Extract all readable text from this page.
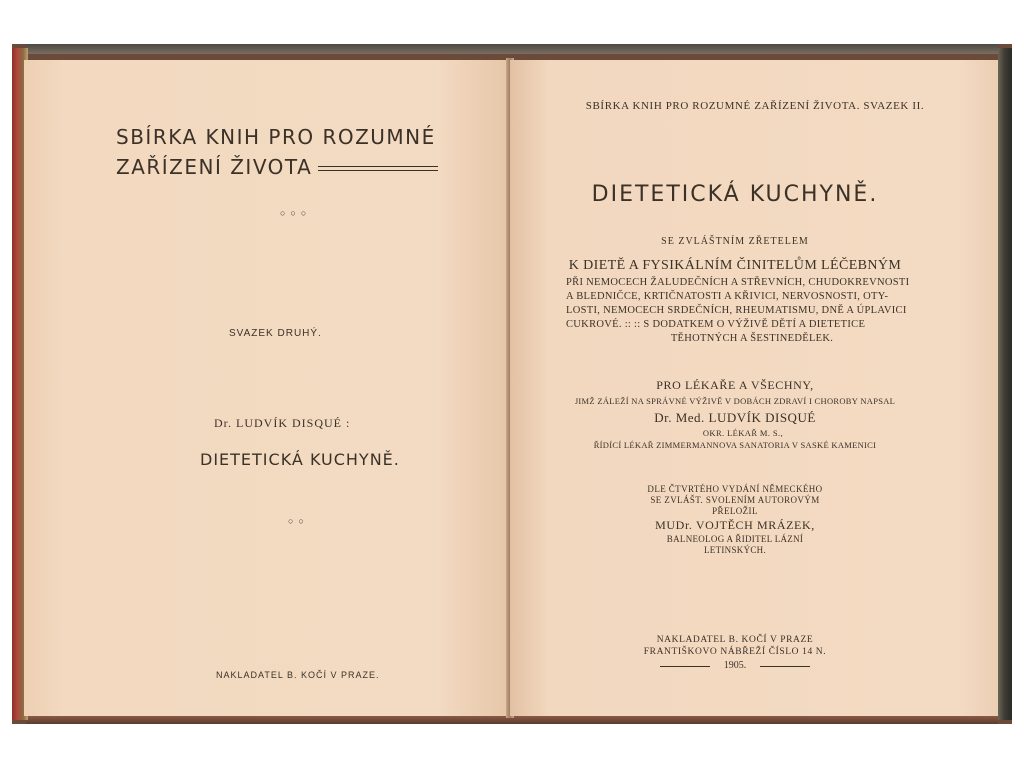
SBÍRKA KNIH PRO ROZUMNÉ
ZAŘÍZENÍ ŽIVOTA
○○○
SVAZEK DRUHÝ.
Dr. LUDVÍK DISQUÉ :
DIETETICKÁ KUCHYNĚ.
○○
NAKLADATEL B. KOČÍ V PRAZE.
SBÍRKA KNIH PRO ROZUMNÉ ZAŘÍZENÍ ŽIVOTA. SVAZEK II.
DIETETICKÁ KUCHYNĚ.
SE ZVLÁŠTNÍM ZŘETELEM
K DIETĚ A FYSIKÁLNÍM ČINITELŮM LÉČEBNÝM
PŘI NEMOCECH ŽALUDEČNÍCH A STŘEVNÍCH, CHUDOKREVNOSTI
A BLEDNIČCE, KRTIČNATOSTI A KŘIVICI, NERVOSNOSTI, OTY-
LOSTI, NEMOCECH SRDEČNÍCH, RHEUMATISMU, DNĚ A ÚPLAVICI
CUKROVÉ. :: :: S DODATKEM O VÝŽIVĚ DĚTÍ A DIETETICE
TĚHOTNÝCH A ŠESTINEDĚLEK.
PRO LÉKAŘE A VŠECHNY,
JIMŽ ZÁLEŽÍ NA SPRÁVNÉ VÝŽIVĚ V DOBÁCH ZDRAVÍ I CHOROBY NAPSAL
Dr. Med. LUDVÍK DISQUÉ
OKR. LÉKAŘ M. S.,
ŘÍDÍCÍ LÉKAŘ ZIMMERMANNOVA SANATORIA V SASKÉ KAMENICI
DLE ČTVRTÉHO VYDÁNÍ NĚMECKÉHO
SE ZVLÁŠT. SVOLENÍM AUTOROVÝM
PŘELOŽIL
MUDr. VOJTĚCH MRÁZEK,
BALNEOLOG A ŘIDITEL LÁZNÍ
LETINSKÝCH.
NAKLADATEL B. KOČÍ V PRAZE
FRANTIŠKOVO NÁBŘEŽÍ ČÍSLO 14 N.
1905.
